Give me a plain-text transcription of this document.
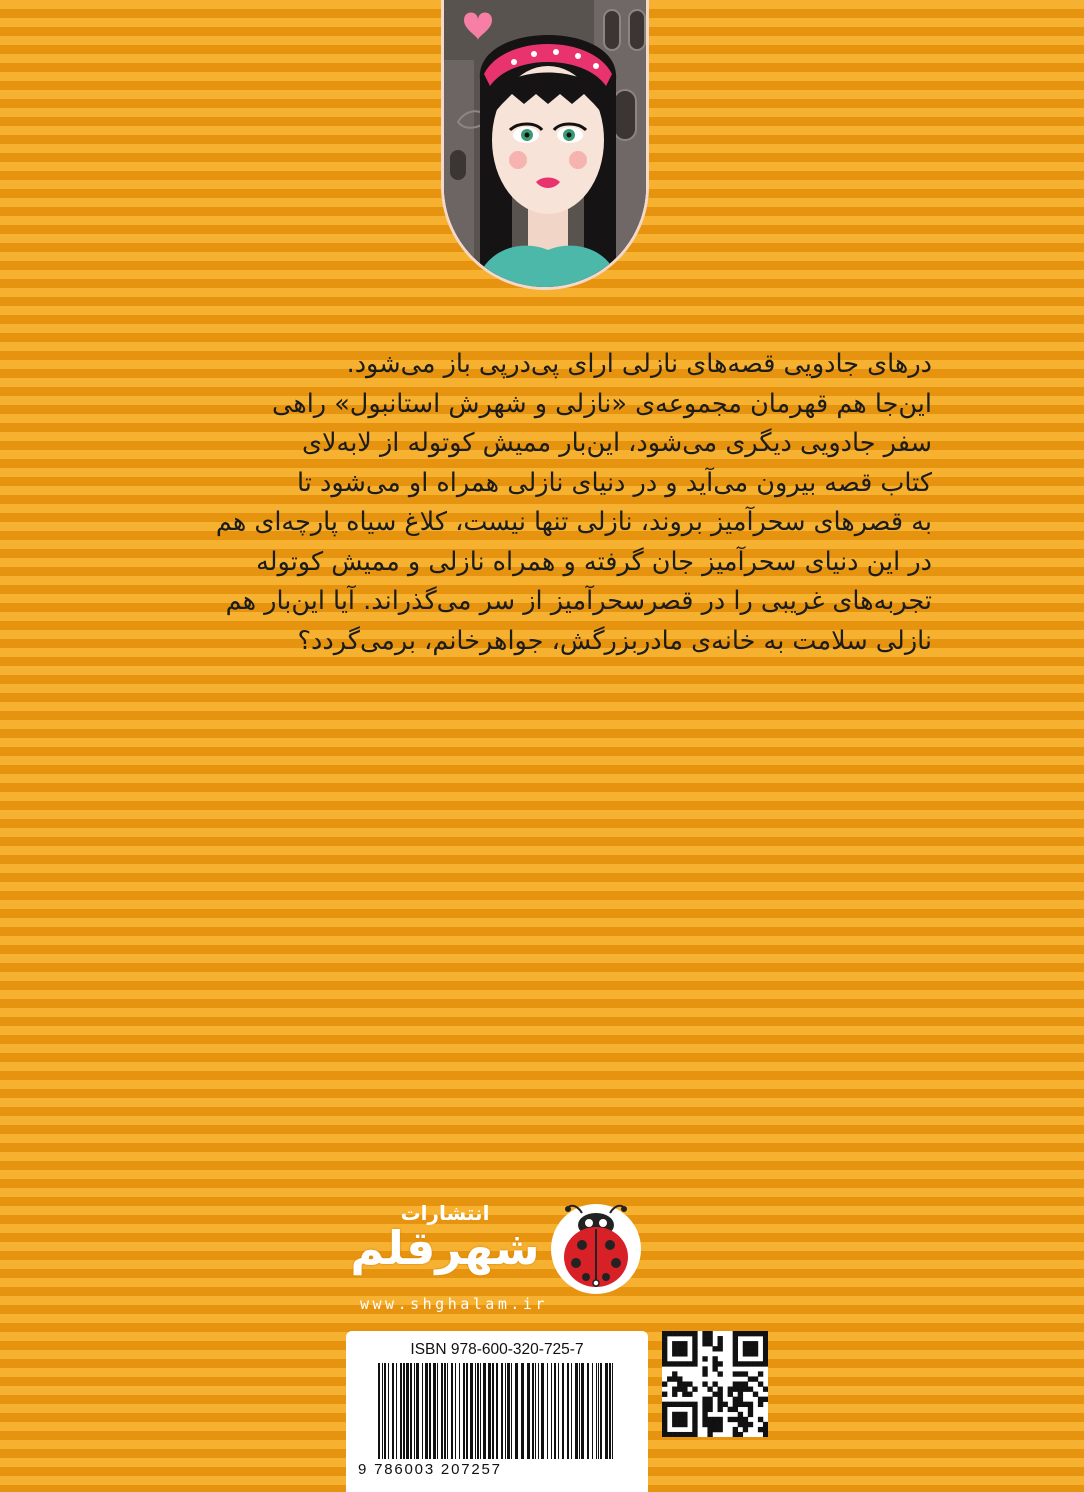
درهای جادویی قصه‌های نازلی ارای پی‌درپی باز می‌شود.

این‌جا هم قهرمان مجموعه‌ی «نازلی و شهرش استانبول» راهی

سفر جادویی دیگری می‌شود، این‌بار ممیش کوتوله از لابه‌لای

کتاب قصه بیرون می‌آید و در دنیای نازلی همراه او می‌شود تا

به قصرهای سحرآمیز بروند، نازلی تنها نیست، کلاغ سیاه پارچه‌ای هم

در این دنیای سحرآمیز جان گرفته و همراه نازلی و ممیش کوتوله

تجربه‌های غریبی را در قصرسحرآمیز از سر می‌گذراند. آیا این‌بار هم

نازلی سلامت به خانه‌ی مادربزرگش، جواهرخانم، برمی‌گردد؟

انتشارات
شهرقلم
www.shghalam.ir
ISBN 978-600-320-725-7
9 786003 207257
